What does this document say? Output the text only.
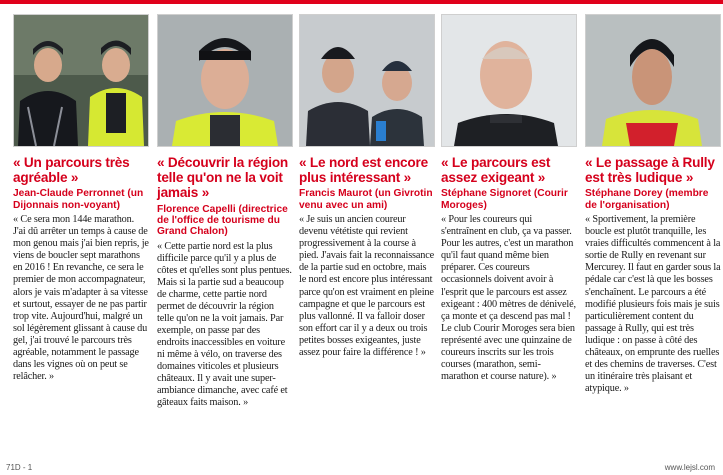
« Un parcours très agréable »
Jean-Claude Perronnet (un Dijonnais non-voyant)
« Ce sera mon 144e marathon. J'ai dû arrêter un temps à cause de mon genou mais j'ai bien repris, je viens de boucler sept marathons en 2016 ! En revanche, ce sera le premier de mon accompagnateur, alors je vais m'adapter à sa vitesse et surtout, essayer de ne pas partir trop vite. Aujourd'hui, malgré un sol légèrement glissant à cause du gel, j'ai trouvé le parcours très agréable, notamment le passage dans les vignes où on peut se relâcher. »
« Découvrir la région telle qu'on ne la voit jamais »
Florence Capelli (directrice de l'office de tourisme du Grand Chalon)
« Cette partie nord est la plus difficile parce qu'il y a plus de côtes et qu'elles sont plus pentues. Mais si la partie sud a beaucoup de charme, cette partie nord permet de découvrir la région telle qu'on ne la voit jamais. Par exemple, on passe par des endroits inaccessibles en voiture ni même à vélo, on traverse des domaines viticoles et plusieurs châteaux. Il y avait une super-ambiance dimanche, avec café et gâteaux faits maison. »
« Le nord est encore plus intéressant »
Francis Maurot (un Givrotin venu avec un ami)
« Je suis un ancien coureur devenu vététiste qui revient progressivement à la course à pied. J'avais fait la reconnaissance de la partie sud en octobre, mais le nord est encore plus intéressant parce qu'on est vraiment en pleine campagne et que le parcours est plus vallonné. Il va falloir doser son effort car il y a deux ou trois petites bosses exigeantes, juste assez pour faire la différence ! »
« Le parcours est assez exigeant »
Stéphane Signoret (Courir Moroges)
« Pour les coureurs qui s'entraînent en club, ça va passer. Pour les autres, c'est un marathon qu'il faut quand même bien préparer. Ces coureurs occasionnels doivent avoir à l'esprit que le parcours est assez exigeant : 400 mètres de dénivelé, ça monte et ça descend pas mal ! Le club Courir Moroges sera bien représenté avec une quinzaine de coureurs inscrits sur les trois courses (marathon, semi-marathon et course nature). »
« Le passage à Rully est très ludique »
Stéphane Dorey (membre de l'organisation)
« Sportivement, la première boucle est plutôt tranquille, les vraies difficultés commencent à la sortie de Rully en revenant sur Mercurey. Il faut en garder sous la pédale car c'est là que les bosses s'enchaînent. Le parcours a été modifié plusieurs fois mais je suis particulièrement content du passage à Rully, qui est très ludique : on passe à côté des châteaux, on emprunte des ruelles et des chemins de traverses. C'est un itinéraire très plaisant et atypique. »
71D - 1	www.lejsl.com
